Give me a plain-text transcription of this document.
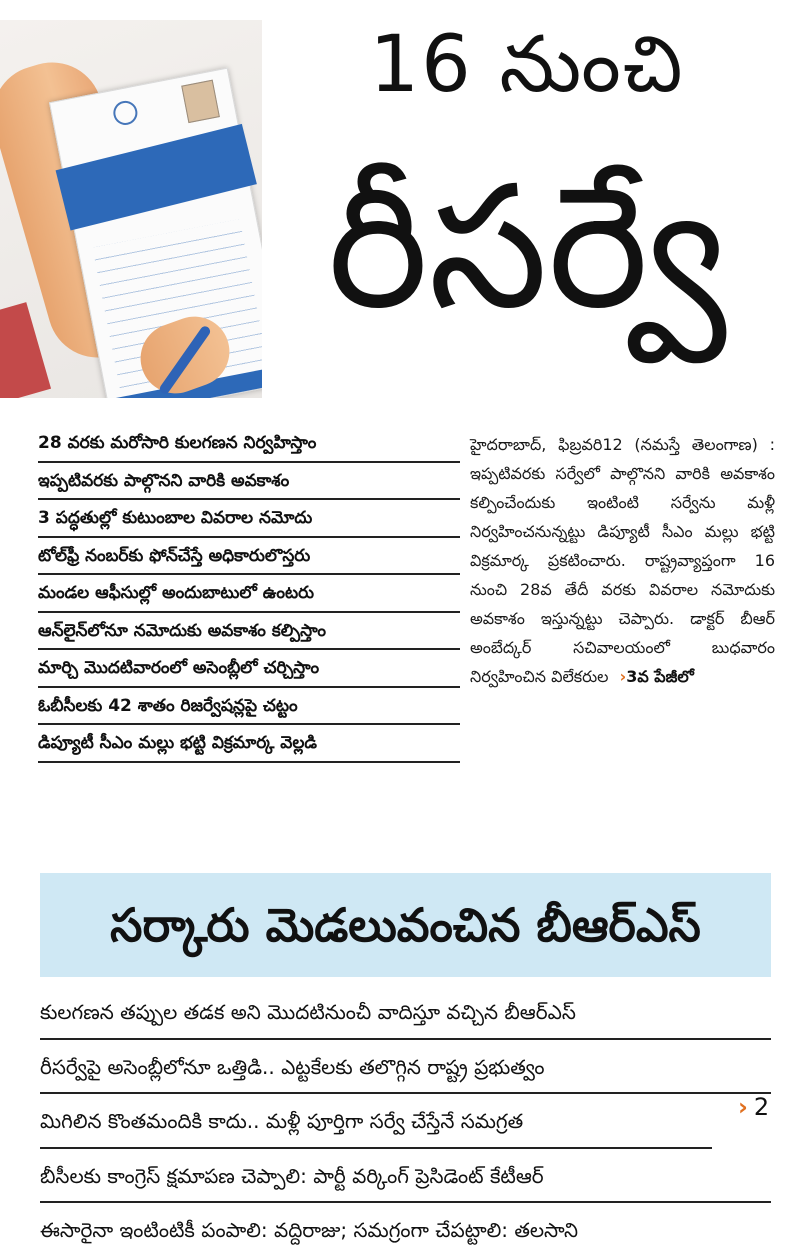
16 నుంచి
రీసర్వే
28 వరకు మరోసారి కులగణన నిర్వహిస్తాం
ఇప్పటివరకు పాల్గొనని వారికి అవకాశం
3 పద్ధతుల్లో కుటుంబాల వివరాల నమోదు
టోల్‌ఫ్రీ నంబర్‌కు ఫోన్‌చేస్తే అధికారులొస్తరు
మండల ఆఫీసుల్లో అందుబాటులో ఉంటరు
ఆన్‌లైన్‌లోనూ నమోదుకు అవకాశం కల్పిస్తాం
మార్చి మొదటివారంలో అసెంబ్లీలో చర్చిస్తాం
ఓబీసీలకు 42 శాతం రిజర్వేషన్లపై చట్టం
డిప్యూటీ సీఎం మల్లు భట్టి విక్రమార్క వెల్లడి
హైదరాబాద్, ఫిబ్రవరి12 (నమస్తే తెలంగాణ) : ఇప్పటివరకు సర్వేలో పాల్గొనని వారికి అవకాశం కల్పించేందుకు ఇంటింటి సర్వేను మళ్లీ నిర్వహించనున్నట్టు డిప్యూటీ సీఎం మల్లు భట్టి విక్రమార్క ప్రకటించారు. రాష్ట్రవ్యాప్తంగా 16 నుంచి 28వ తేదీ వరకు వివరాల నమోదుకు అవకాశం ఇస్తున్నట్టు చెప్పారు. డాక్టర్ బీఆర్ అంబేద్కర్ సచివాలయంలో బుధవారం నిర్వహించిన విలేకరుల ›3వ పేజీలో
సర్కారు మెడలువంచిన బీఆర్‌ఎస్
కులగణన తప్పుల తడక అని మొదటినుంచీ వాదిస్తూ వచ్చిన బీఆర్‌ఎస్
రీసర్వేపై అసెంబ్లీలోనూ ఒత్తిడి.. ఎట్టకేలకు తలొగ్గిన రాష్ట్ర ప్రభుత్వం
మిగిలిన కొంతమందికి కాదు.. మళ్లీ పూర్తిగా సర్వే చేస్తేనే సమగ్రత
బీసీలకు కాంగ్రెస్ క్షమాపణ చెప్పాలి: పార్టీ వర్కింగ్ ప్రెసిడెంట్ కేటీఆర్
ఈసారైనా ఇంటింటికీ పంపాలి: వద్దిరాజు; సమగ్రంగా చేపట్టాలి: తలసాని
› 2
